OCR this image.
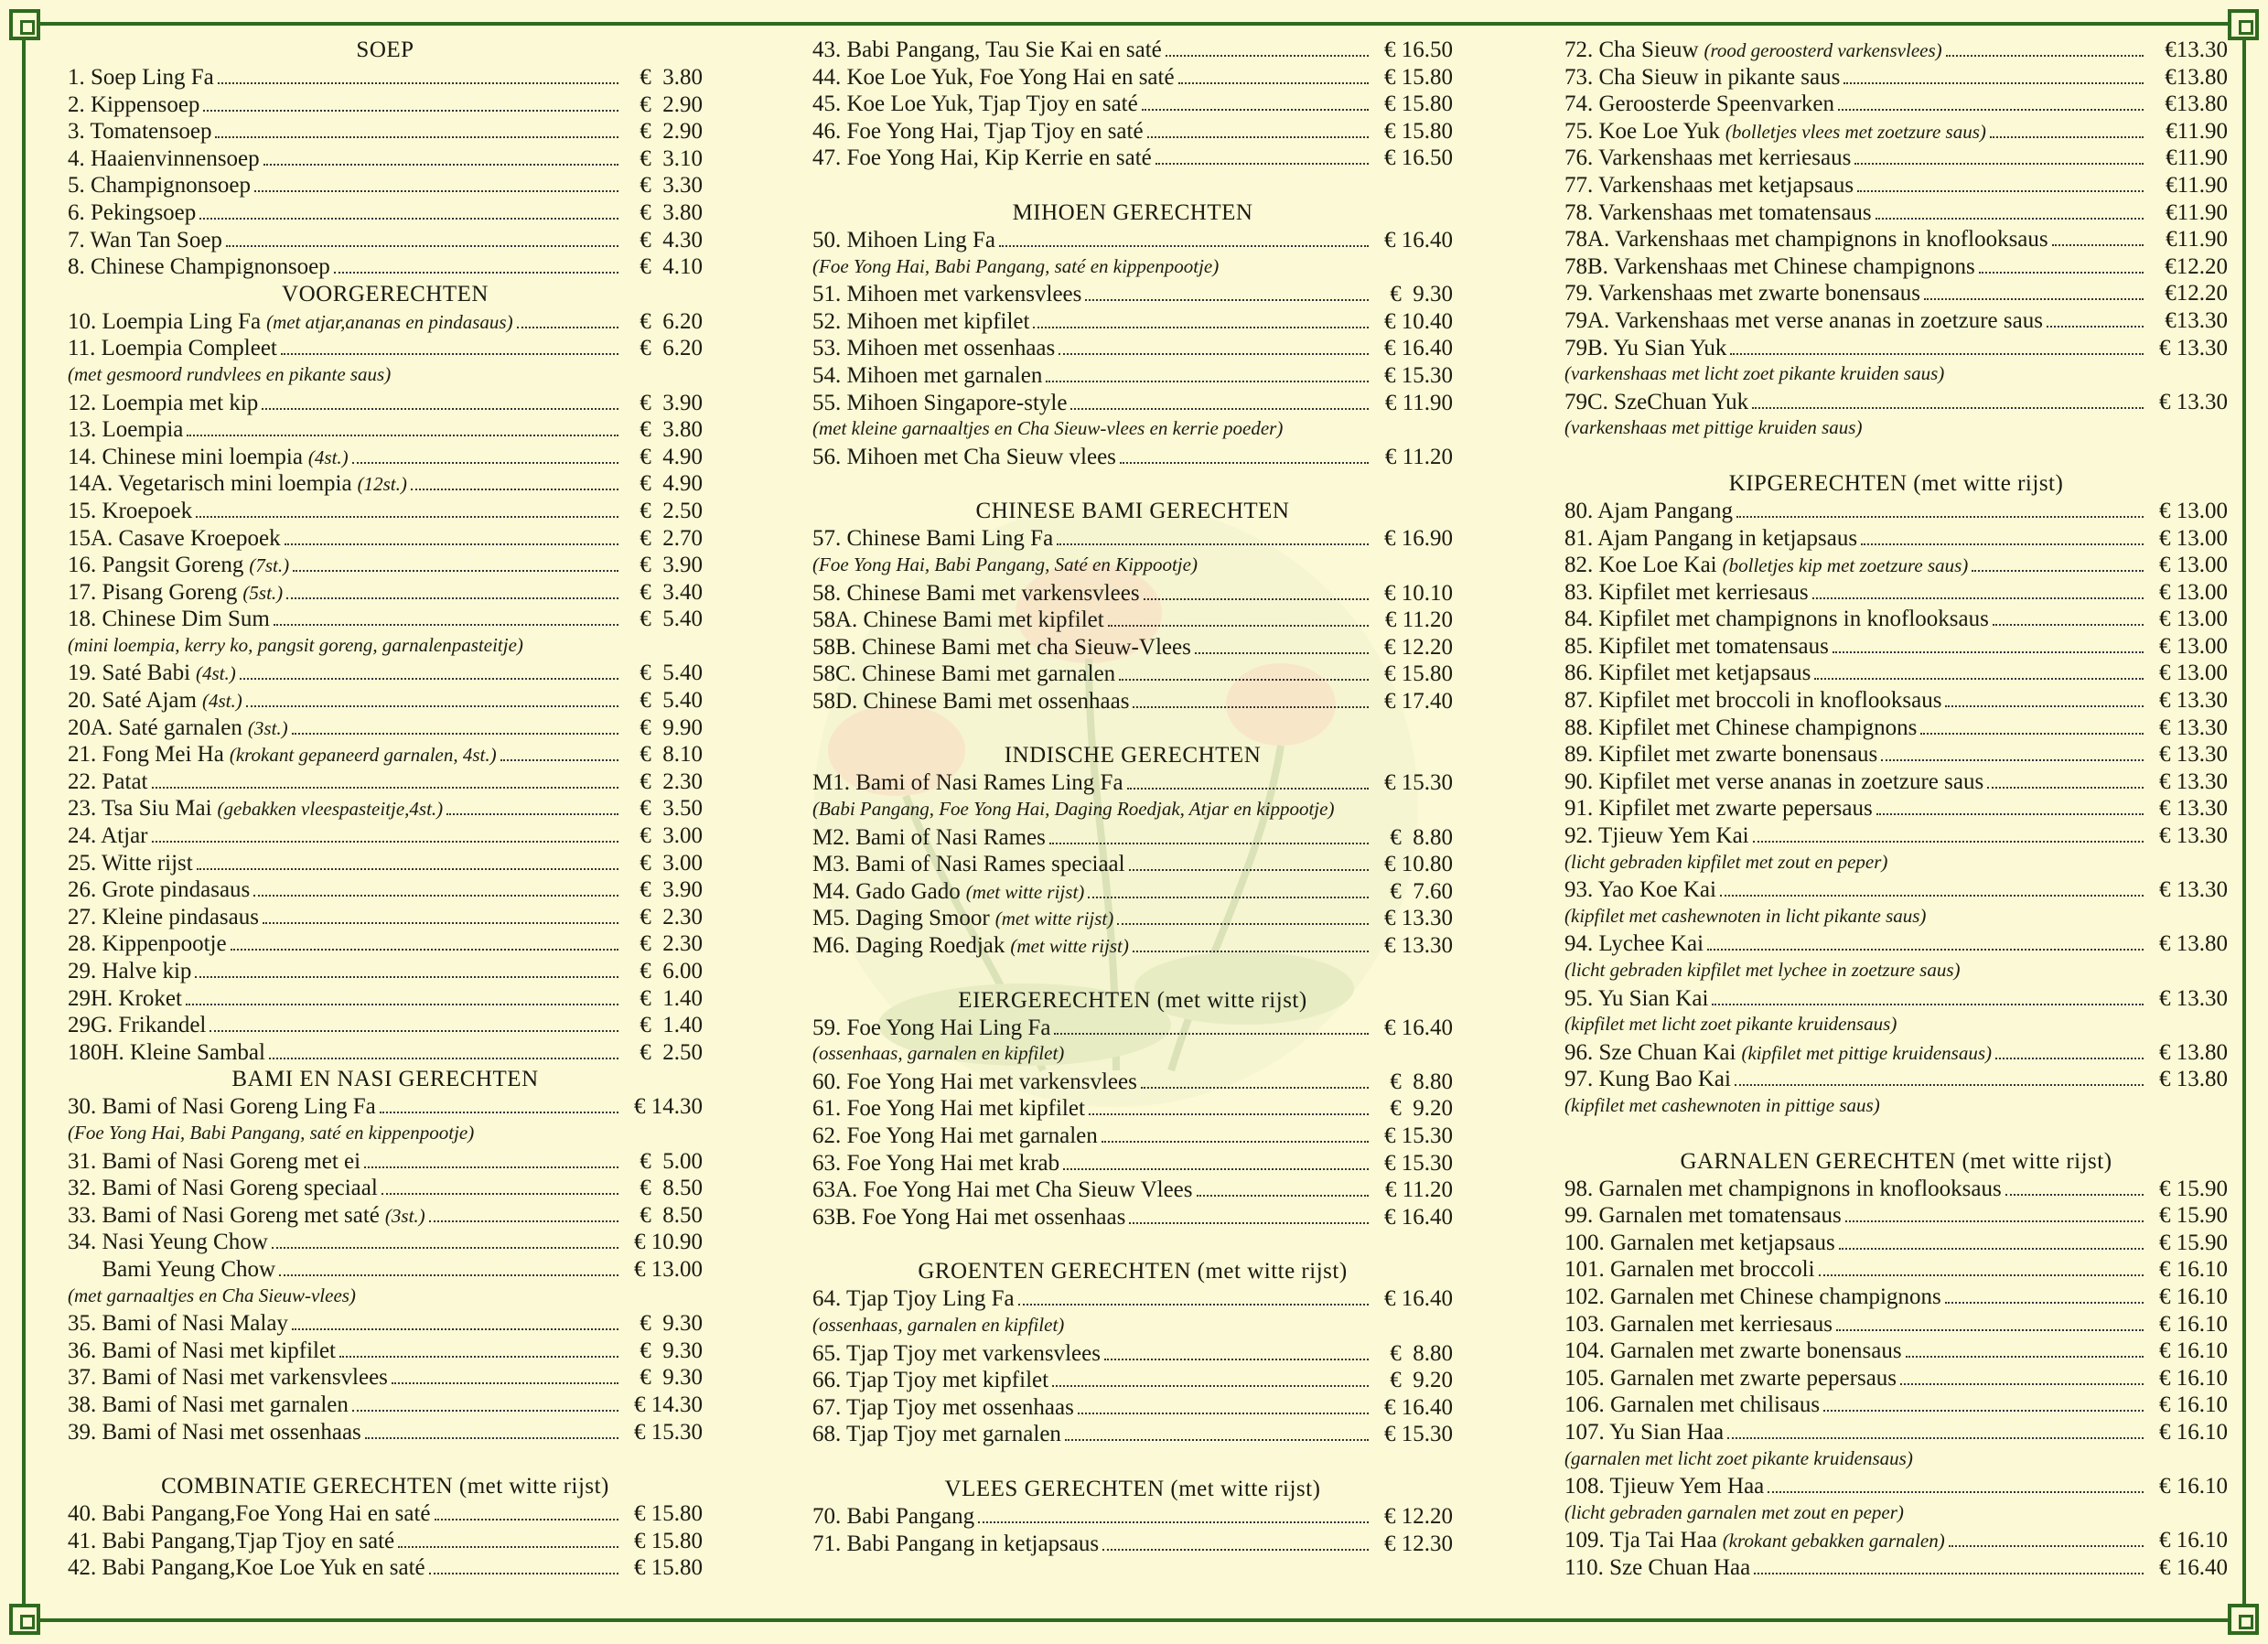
SOEP
1. Soep Ling Fa	€  3.80
2. Kippensoep	€  2.90
3. Tomatensoep	€  2.90
4. Haaienvinnensoep	€  3.10
5. Champignonsoep	€  3.30
6. Pekingsoep	€  3.80
7. Wan Tan Soep	€  4.30
8. Chinese Champignonsoep	€  4.10
VOORGERECHTEN
10. Loempia Ling Fa (met atjar,ananas en pindasaus)	€  6.20
11. Loempia Compleet	€  6.20
(met gesmoord rundvlees en pikante saus)
12. Loempia met kip	€  3.90
13. Loempia	€  3.80
14. Chinese mini loempia (4st.)	€  4.90
14A. Vegetarisch mini loempia (12st.)	€  4.90
15. Kroepoek	€  2.50
15A. Casave Kroepoek	€  2.70
16. Pangsit Goreng (7st.)	€  3.90
17. Pisang Goreng (5st.)	€  3.40
18. Chinese Dim Sum	€  5.40
(mini loempia, kerry ko, pangsit goreng, garnalenpasteitje)
19. Saté Babi (4st.)	€  5.40
20. Saté Ajam (4st.)	€  5.40
20A. Saté garnalen (3st.)	€  9.90
21. Fong Mei Ha (krokant gepaneerd garnalen, 4st.)	€  8.10
22. Patat	€  2.30
23. Tsa Siu Mai (gebakken vleespasteitje,4st.)	€  3.50
24. Atjar	€  3.00
25. Witte rijst	€  3.00
26. Grote pindasaus	€  3.90
27. Kleine pindasaus	€  2.30
28. Kippenpootje	€  2.30
29. Halve kip	€  6.00
29H. Kroket	€  1.40
29G. Frikandel	€  1.40
180H. Kleine Sambal	€  2.50
BAMI EN NASI GERECHTEN
30. Bami of Nasi Goreng Ling Fa	€ 14.30
(Foe Yong Hai, Babi Pangang, saté en kippenpootje)
31. Bami of Nasi Goreng met ei	€  5.00
32. Bami of Nasi Goreng speciaal	€  8.50
33. Bami of Nasi Goreng met saté (3st.)	€  8.50
34. Nasi Yeung Chow	€ 10.90
Bami Yeung Chow	€ 13.00
(met garnaaltjes en Cha Sieuw-vlees)
35. Bami of Nasi Malay	€  9.30
36. Bami of Nasi met kipfilet	€  9.30
37. Bami of Nasi met varkensvlees	€  9.30
38. Bami of Nasi met garnalen	€ 14.30
39. Bami of Nasi met ossenhaas	€ 15.30
COMBINATIE GERECHTEN (met witte rijst)
40. Babi Pangang,Foe Yong Hai en saté	€ 15.80
41. Babi Pangang,Tjap Tjoy en saté	€ 15.80
42. Babi Pangang,Koe Loe Yuk en saté	€ 15.80
43. Babi Pangang, Tau Sie Kai en saté	€ 16.50
44. Koe Loe Yuk, Foe Yong Hai en saté	€ 15.80
45. Koe Loe Yuk, Tjap Tjoy en saté	€ 15.80
46. Foe Yong Hai, Tjap Tjoy en saté	€ 15.80
47. Foe Yong Hai, Kip Kerrie en saté	€ 16.50
MIHOEN GERECHTEN
50. Mihoen Ling Fa	€ 16.40
(Foe Yong Hai, Babi Pangang, saté en kippenpootje)
51. Mihoen met varkensvlees	€  9.30
52. Mihoen met kipfilet	€ 10.40
53. Mihoen met ossenhaas	€ 16.40
54. Mihoen met garnalen	€ 15.30
55. Mihoen Singapore-style	€ 11.90
(met kleine garnaaltjes en Cha Sieuw-vlees en kerrie poeder)
56. Mihoen met Cha Sieuw vlees	€ 11.20
CHINESE BAMI GERECHTEN
57. Chinese Bami Ling Fa	€ 16.90
(Foe Yong Hai, Babi Pangang, Saté en Kippootje)
58. Chinese Bami met varkensvlees	€ 10.10
58A. Chinese Bami met kipfilet	€ 11.20
58B. Chinese Bami met cha Sieuw-Vlees	€ 12.20
58C. Chinese Bami met garnalen	€ 15.80
58D. Chinese Bami met ossenhaas	€ 17.40
INDISCHE GERECHTEN
M1. Bami of Nasi Rames Ling Fa	€ 15.30
(Babi Pangang, Foe Yong Hai, Daging Roedjak, Atjar en kippootje)
M2. Bami of Nasi Rames	€  8.80
M3. Bami of Nasi Rames speciaal	€ 10.80
M4. Gado Gado (met witte rijst)	€  7.60
M5. Daging Smoor (met witte rijst)	€ 13.30
M6. Daging Roedjak (met witte rijst)	€ 13.30
EIERGERECHTEN (met witte rijst)
59. Foe Yong Hai Ling Fa	€ 16.40
(ossenhaas, garnalen en kipfilet)
60. Foe Yong Hai met varkensvlees	€  8.80
61. Foe Yong Hai met kipfilet	€  9.20
62. Foe Yong Hai met garnalen	€ 15.30
63. Foe Yong Hai met krab	€ 15.30
63A. Foe Yong Hai met Cha Sieuw Vlees	€ 11.20
63B. Foe Yong Hai met ossenhaas	€ 16.40
GROENTEN GERECHTEN (met witte rijst)
64. Tjap Tjoy Ling Fa	€ 16.40
(ossenhaas, garnalen en kipfilet)
65. Tjap Tjoy met varkensvlees	€  8.80
66. Tjap Tjoy met kipfilet	€  9.20
67. Tjap Tjoy met ossenhaas	€ 16.40
68. Tjap Tjoy met garnalen	€ 15.30
VLEES GERECHTEN (met witte rijst)
70. Babi Pangang	€ 12.20
71. Babi Pangang in ketjapsaus	€ 12.30
72. Cha Sieuw (rood geroosterd varkensvlees)	€13.30
73. Cha Sieuw in pikante saus	€13.80
74. Geroosterde Speenvarken	€13.80
75. Koe Loe Yuk (bolletjes vlees met zoetzure saus)	€11.90
76. Varkenshaas met kerriesaus	€11.90
77. Varkenshaas met ketjapsaus	€11.90
78. Varkenshaas met tomatensaus	€11.90
78A. Varkenshaas met champignons in knoflooksaus	€11.90
78B. Varkenshaas met Chinese champignons	€12.20
79. Varkenshaas met zwarte bonensaus	€12.20
79A. Varkenshaas met verse ananas in zoetzure saus	€13.30
79B. Yu Sian Yuk	€ 13.30
(varkenshaas met licht zoet pikante kruiden saus)
79C. SzeChuan Yuk	€ 13.30
(varkenshaas met pittige kruiden saus)
KIPGERECHTEN (met witte rijst)
80. Ajam Pangang	€ 13.00
81. Ajam Pangang in ketjapsaus	€ 13.00
82. Koe Loe Kai (bolletjes kip met zoetzure saus)	€ 13.00
83. Kipfilet met kerriesaus	€ 13.00
84. Kipfilet met champignons in knoflooksaus	€ 13.00
85. Kipfilet met tomatensaus	€ 13.00
86. Kipfilet met ketjapsaus	€ 13.00
87. Kipfilet met broccoli in knoflooksaus	€ 13.30
88. Kipfilet met Chinese champignons	€ 13.30
89. Kipfilet met zwarte bonensaus	€ 13.30
90. Kipfilet met verse ananas in zoetzure saus	€ 13.30
91. Kipfilet met zwarte pepersaus	€ 13.30
92. Tjieuw Yem Kai	€ 13.30
(licht gebraden kipfilet met zout en peper)
93. Yao Koe Kai	€ 13.30
(kipfilet met cashewnoten in licht pikante saus)
94. Lychee Kai	€ 13.80
(licht gebraden kipfilet met lychee in zoetzure saus)
95. Yu Sian Kai	€ 13.30
(kipfilet met licht zoet pikante kruidensaus)
96. Sze Chuan Kai (kipfilet met pittige kruidensaus)	€ 13.80
97. Kung Bao Kai	€ 13.80
(kipfilet met cashewnoten in pittige saus)
GARNALEN GERECHTEN (met witte rijst)
98. Garnalen met champignons in knoflooksaus	€ 15.90
99. Garnalen met tomatensaus	€ 15.90
100. Garnalen met ketjapsaus	€ 15.90
101. Garnalen met broccoli	€ 16.10
102. Garnalen met Chinese champignons	€ 16.10
103. Garnalen met kerriesaus	€ 16.10
104. Garnalen met zwarte bonensaus	€ 16.10
105. Garnalen met zwarte pepersaus	€ 16.10
106. Garnalen met chilisaus	€ 16.10
107. Yu Sian Haa	€ 16.10
(garnalen met licht zoet pikante kruidensaus)
108. Tjieuw Yem Haa	€ 16.10
(licht gebraden garnalen met zout en peper)
109. Tja Tai Haa (krokant gebakken garnalen)	€ 16.10
110. Sze Chuan Haa	€ 16.40
